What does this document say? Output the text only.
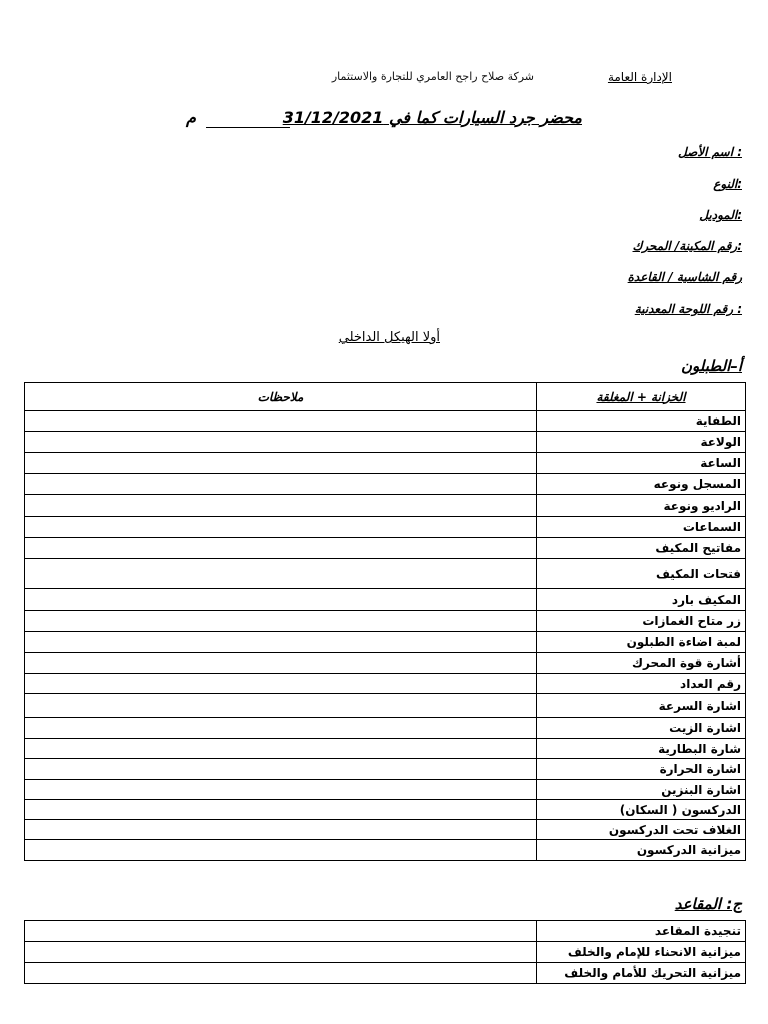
الإدارة العامة
شركة صلاح راجح العامري للتجارة والاستثمار
محضر جرد السيارات كما في 31/12/2021
م
: اسم الأصل
:النوع
:الموديل
:رقم المكينة/ المحرك
رقم الشاسية / القاعدة
: رقم اللوحة المعدنية
أولا الهيكل الداخلي
أ–الطبلون
الخزانة + المغلقة	ملاحظات
الطفاية	
الولاعة	
الساعة	
المسجل ونوعه	
الراديو ونوعة	
السماعات	
مفاتيح المكيف	
فتحات المكيف	
المكيف بارد	
زر متاح الغمازات	
لمبة اضاءة الطبلون	
أشارة قوة المحرك	
رقم العداد	
اشارة السرعة	
اشارة الزيت	
شارة البطارية	
اشارة الحرارة	
اشارة البنزين	
الدركسون ( السكان)	
الغلاف تحت الدركسون	
ميزانية الدركسون	
ج: المقاعد
تنجيدة المقاعد	
ميزانية الانحناء للإمام والخلف	
ميزانية التحريك للأمام والخلف	
